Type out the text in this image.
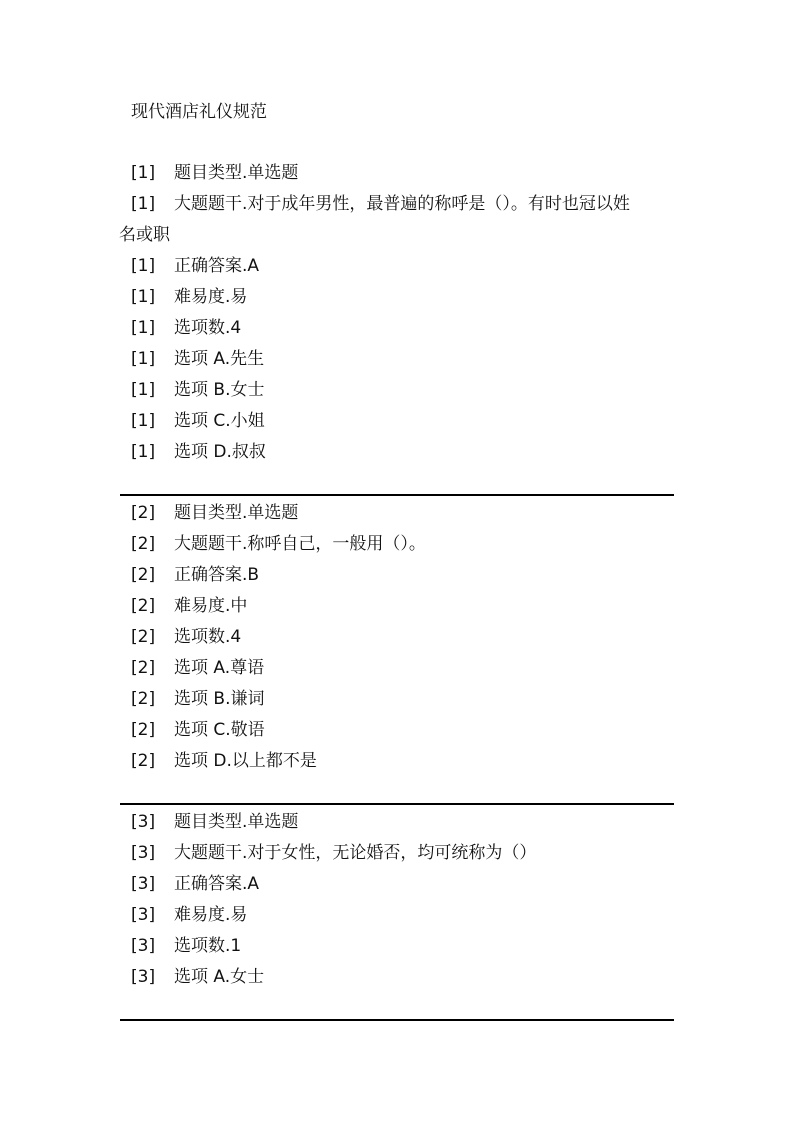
现代酒店礼仪规范
[1] 题目类型.单选题
[1] 大题题干.对于成年男性，最普遍的称呼是（）。有时也冠以姓
名或职
[1] 正确答案.A
[1] 难易度.易
[1] 选项数.4
[1] 选项 A.先生
[1] 选项 B.女士
[1] 选项 C.小姐
[1] 选项 D.叔叔
[2] 题目类型.单选题
[2] 大题题干.称呼自己，一般用（）。
[2] 正确答案.B
[2] 难易度.中
[2] 选项数.4
[2] 选项 A.尊语
[2] 选项 B.谦词
[2] 选项 C.敬语
[2] 选项 D.以上都不是
[3] 题目类型.单选题
[3] 大题题干.对于女性，无论婚否，均可统称为（）
[3] 正确答案.A
[3] 难易度.易
[3] 选项数.1
[3] 选项 A.女士
